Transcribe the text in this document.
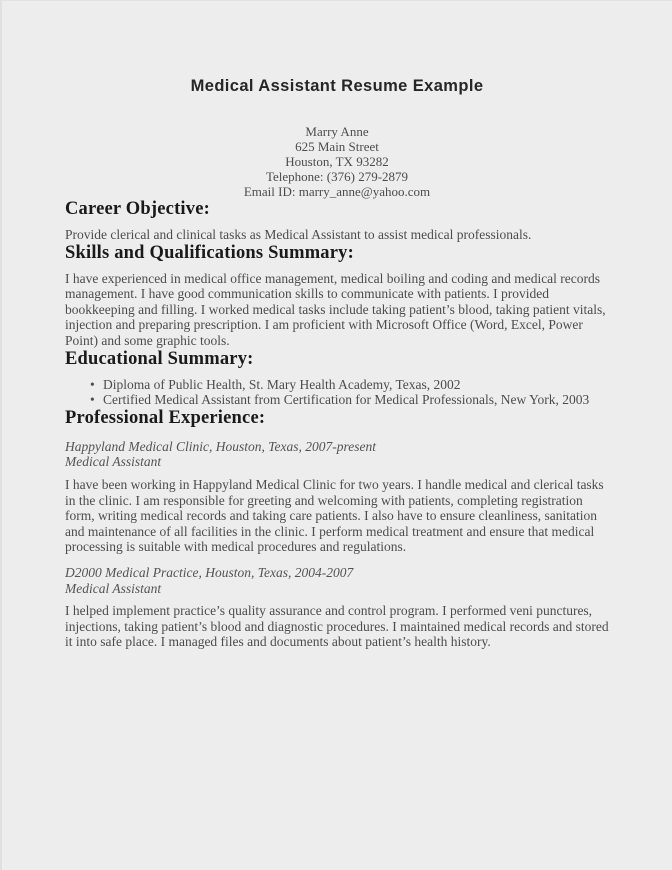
Medical Assistant Resume Example
Marry Anne
625 Main Street
Houston, TX 93282
Telephone: (376) 279-2879
Email ID: marry_anne@yahoo.com
Career Objective:

Provide clerical and clinical tasks as Medical Assistant to assist medical professionals.

Skills and Qualifications Summary:

I have experienced in medical office management, medical boiling and coding and medical records management. I have good communication skills to communicate with patients. I provided bookkeeping and filling. I worked medical tasks include taking patient’s blood, taking patient vitals, injection and preparing prescription. I am proficient with Microsoft Office (Word, Excel, Power Point) and some graphic tools.

Educational Summary:
• Diploma of Public Health, St. Mary Health Academy, Texas, 2002
• Certified Medical Assistant from Certification for Medical Professionals, New York, 2003
Professional Experience:

Happyland Medical Clinic, Houston, Texas, 2007-present
Medical Assistant

I have been working in Happyland Medical Clinic for two years. I handle medical and clerical tasks in the clinic. I am responsible for greeting and welcoming with patients, completing registration form, writing medical records and taking care patients. I also have to ensure cleanliness, sanitation and maintenance of all facilities in the clinic. I perform medical treatment and ensure that medical processing is suitable with medical procedures and regulations.

D2000 Medical Practice, Houston, Texas, 2004-2007
Medical Assistant

I helped implement practice’s quality assurance and control program. I performed veni punctures, injections, taking patient’s blood and diagnostic procedures. I maintained medical records and stored it into safe place. I managed files and documents about patient’s health history.
